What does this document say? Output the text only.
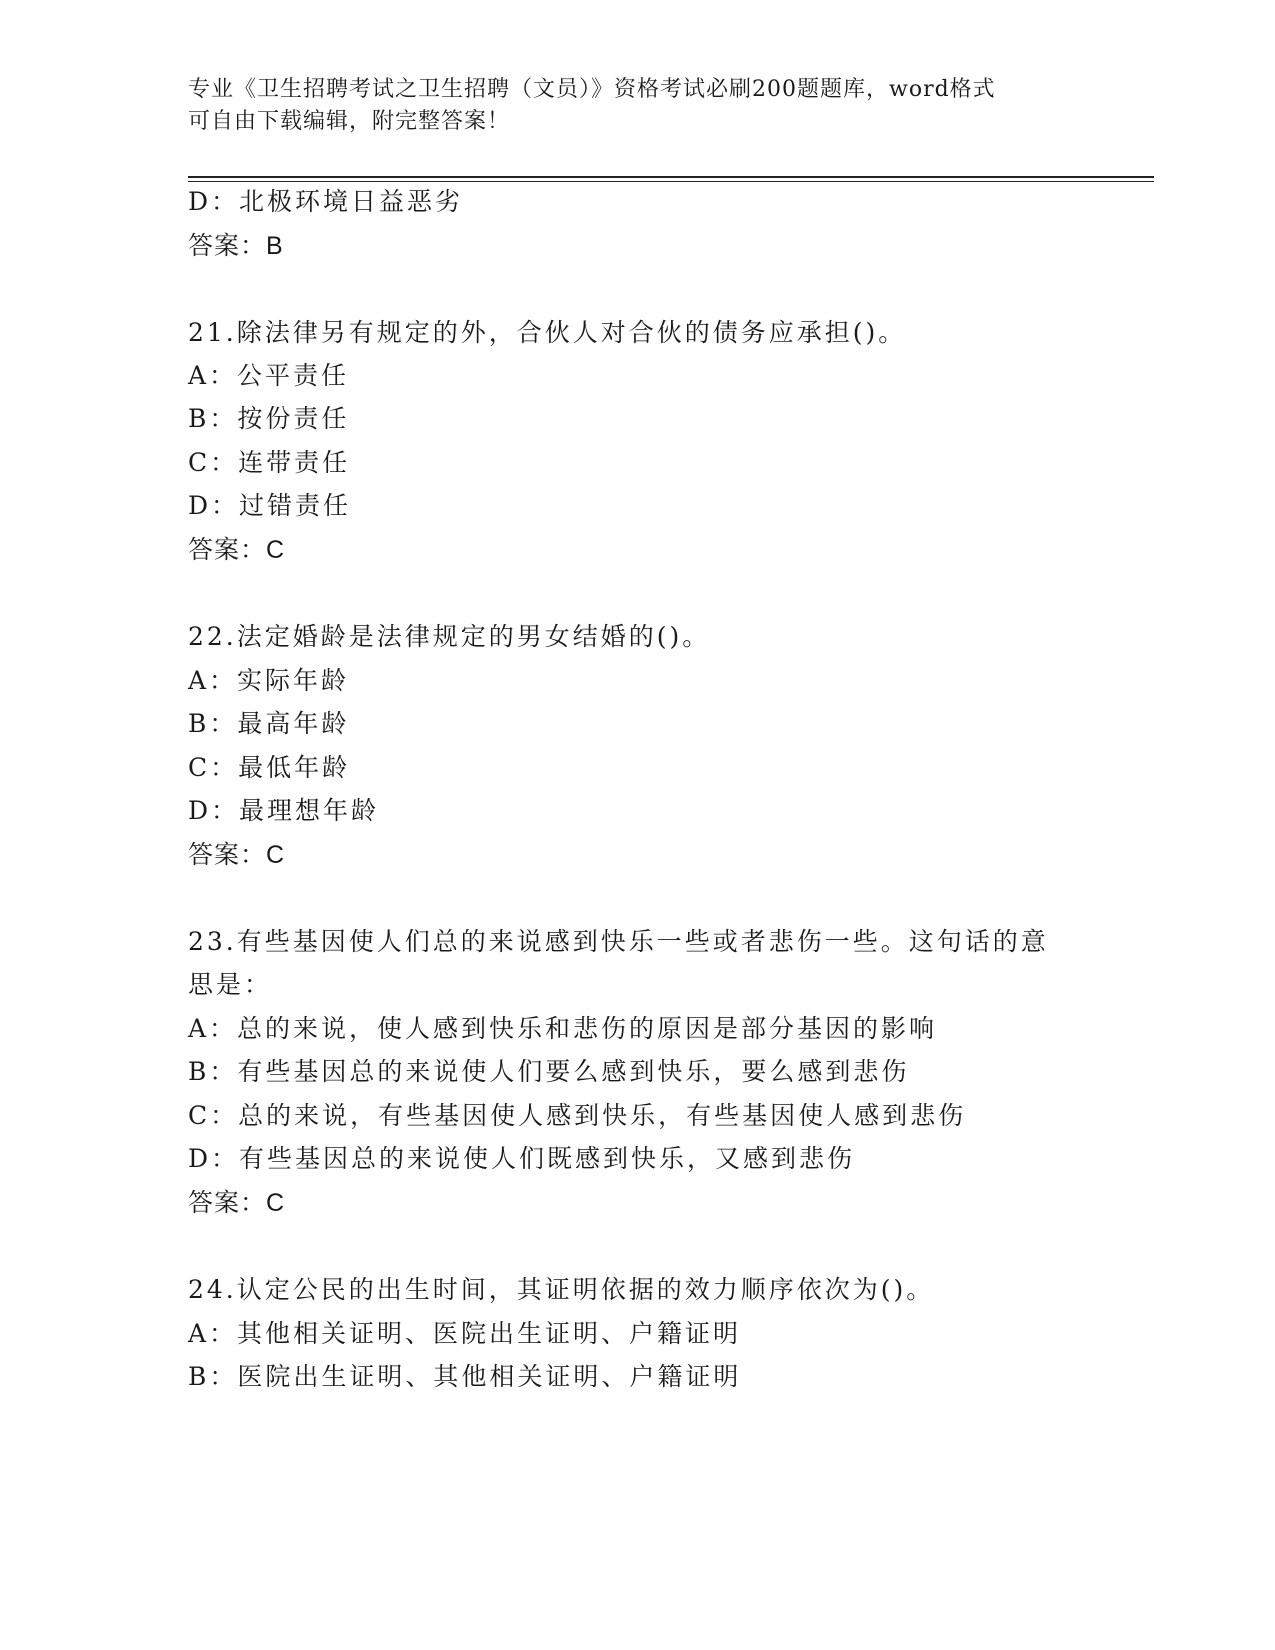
专业《卫生招聘考试之卫生招聘（文员）》资格考试必刷200题题库，word格式
可自由下载编辑，附完整答案！
D：北极环境日益恶劣
答案：B
21.除法律另有规定的外，合伙人对合伙的债务应承担()。
A：公平责任
B：按份责任
C：连带责任
D：过错责任
答案：C
22.法定婚龄是法律规定的男女结婚的()。
A：实际年龄
B：最高年龄
C：最低年龄
D：最理想年龄
答案：C
23.有些基因使人们总的来说感到快乐一些或者悲伤一些。这句话的意
思是：
A：总的来说，使人感到快乐和悲伤的原因是部分基因的影响
B：有些基因总的来说使人们要么感到快乐，要么感到悲伤
C：总的来说，有些基因使人感到快乐，有些基因使人感到悲伤
D：有些基因总的来说使人们既感到快乐，又感到悲伤
答案：C
24.认定公民的出生时间，其证明依据的效力顺序依次为()。
A：其他相关证明、医院出生证明、户籍证明
B：医院出生证明、其他相关证明、户籍证明
